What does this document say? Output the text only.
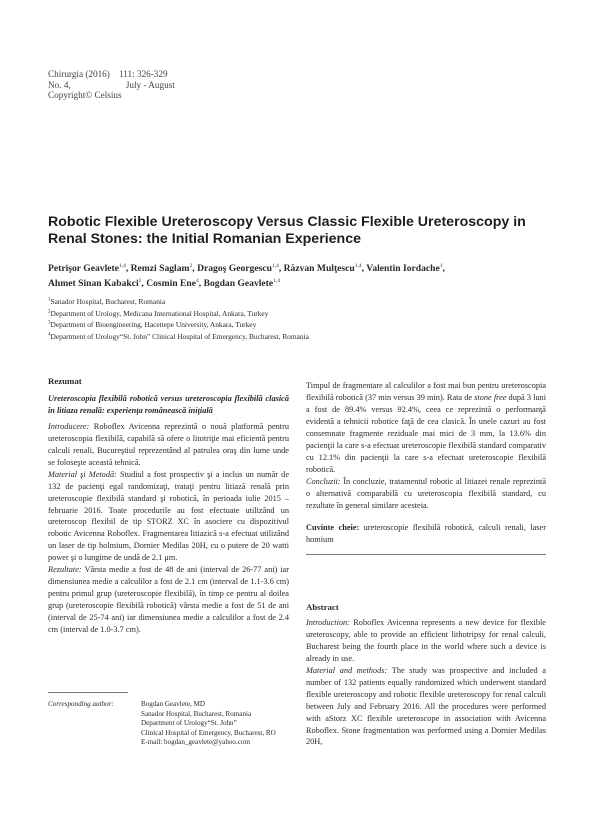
Chirurgia (2016)    111: 326-329
No. 4,                        July - August
Copyright© Celsius
Robotic Flexible Ureteroscopy Versus Classic Flexible Ureteroscopy in Renal Stones: the Initial Romanian Experience
Petrişor Geavlete$^{1,4}$, Remzi Saglam$^2$, Dragoş Georgescu$^{1,4}$, Răzvan Mulţescu$^{1,4}$, Valentin Iordache$^1$,
Ahmet Sinan Kabakci$^2$, Cosmin Ene$^4$, Bogdan Geavlete$^{1,4}$
$^1$Sanador Hospital, Bucharest, Romania
$^2$Department of Urology, Medicana International Hospital, Ankara, Turkey
$^3$Department of Bioengineering, Hacettepe University, Ankara, Turkey
$^4$Department of Urology“St. John” Clinical Hospital of Emergency, Bucharest, Romania

Rezumat

Ureteroscopia flexibilă robotică versus ureteroscopia flexibilă clasică în litiaza renală: experienţa românească iniţială

Introducere: Roboflex Avicenna reprezintă o nouă platformă pentru ureteroscopia flexibilă, capabilă să ofere o litotriţie mai eficientă pentru calculi renali, Bucureştiul reprezentând al patrulea oraş din lume unde se foloseşte această tehnică.

Material şi Metodă: Studiul a fost prospectiv şi a inclus un număr de 132 de pacienţi egal randomizaţi, trataţi pentru litiază renală prin ureteroscopie flexibilă standard şi robotică, în perioada iulie 2015 – februarie 2016. Toate procedurile au fost efectuate utilizând un ureteroscop flexibil de tip STORZ XC în asociere cu dispozitivul robotic Avicenna Roboflex. Fragmentarea litiazică s-a efectuat utilizând un laser de tip holmium, Dornier Medilas 20H, cu o putere de 20 watti power şi o lungime de undă de 2.1 μm.

Rezultate: Vârsta medie a fost de 48 de ani (interval de 26-77 ani) iar dimensiunea medie a calculilor a fost de 2.1 cm (interval de 1.1-3.6 cm) pentru primul grup (ureteroscopie flexibilă), în timp ce pentru al doilea grup (ureteroscopie flexibilă robotică) vârsta medie a fost de 51 de ani (interval de 25-74 ani) iar dimensiunea medie a calculilor a fost de 2.4 cm (interval de 1.0-3.7 cm).

Timpul de fragmentare al calculilor a fost mai bun pentru ureteroscopia flexibilă robotică (37 min versus 39 min). Rata de stone free după 3 luni a fost de 89.4% versus 92.4%, ceea ce reprezintă o performanţă evidentă a tehnicii robotice faţă de cea clasică. În unele cazuri au fost consemnate fragmente reziduale mai mici de 3 mm, la 13.6% din pacienţii la care s-a efectuat ureteroscopie flexibilă standard comparativ cu 12.1% din pacienţii la care s-a efectuat ureteroscopie flexibilă robotică.

Concluzii: În concluzie, tratamentul robotic al litiazei renale reprezintă o alternativă comparabilă cu ureteroscopia flexibilă standard, cu rezultate în general similare acesteia.

Cuvinte cheie: ureteroscopie flexibilă robotică, calculi renali, laser homium

Abstract

Introduction: Roboflex Avicenna represents a new device for flexible ureteroscopy, able to provide an efficient lithotripsy for renal calculi, Bucharest being the fourth place in the world where such a device is already in use.

Material and methods: The study was prospective and included a number of 132 patients equally randomized which underwent standard flexible ureteroscopy and robotic flexible ureteroscopy for renal calculi between July and February 2016. All the procedures were performed with aStorz XC flexible ureteroscope in association with Avicenna Roboflex. Stone fragmentation was performed using a Dornier Medilas 20H,

Corresponding author:	Bogdan Geavlete, MD
Sanador Hospital, Bucharest, Romania
Department of Urology“St. John”
Clinical Hospital of Emergency, Bucharest, RO
E-mail: bogdan_geavlete@yahoo.com
